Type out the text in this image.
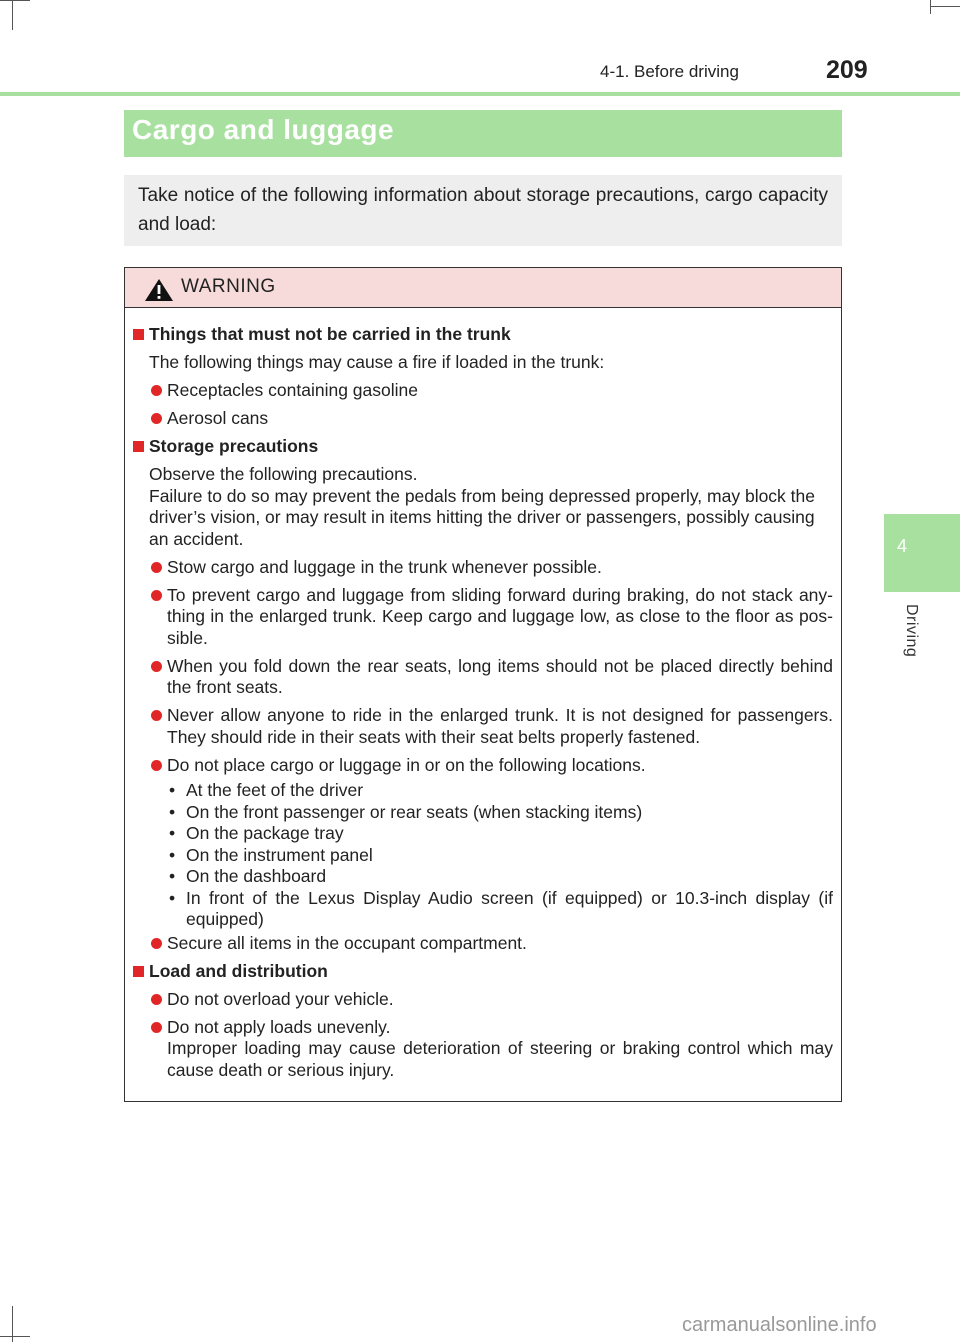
4-1. Before driving	209
4
Driving
Cargo and luggage
Take notice of the following information about storage precautions, cargo capacity and load:
WARNING
Things that must not be carried in the trunk
The following things may cause a fire if loaded in the trunk:
Receptacles containing gasoline
Aerosol cans
Storage precautions
Observe the following precautions.
Failure to do so may prevent the pedals from being depressed properly, may block the driver’s vision, or may result in items hitting the driver or passengers, possibly causing an accident.
Stow cargo and luggage in the trunk whenever possible.
To prevent cargo and luggage from sliding forward during braking, do not stack any-thing in the enlarged trunk. Keep cargo and luggage low, as close to the floor as pos-sible.
When you fold down the rear seats, long items should not be placed directly behind the front seats.
Never allow anyone to ride in the enlarged trunk. It is not designed for passengers. They should ride in their seats with their seat belts properly fastened.
Do not place cargo or luggage in or on the following locations.
• At the feet of the driver
• On the front passenger or rear seats (when stacking items)
• On the package tray
• On the instrument panel
• On the dashboard
• In front of the Lexus Display Audio screen (if equipped) or 10.3-inch display (if equipped)
Secure all items in the occupant compartment.
Load and distribution
Do not overload your vehicle.
Do not apply loads unevenly.
Improper loading may cause deterioration of steering or braking control which may cause death or serious injury.
carmanualsonline.info
